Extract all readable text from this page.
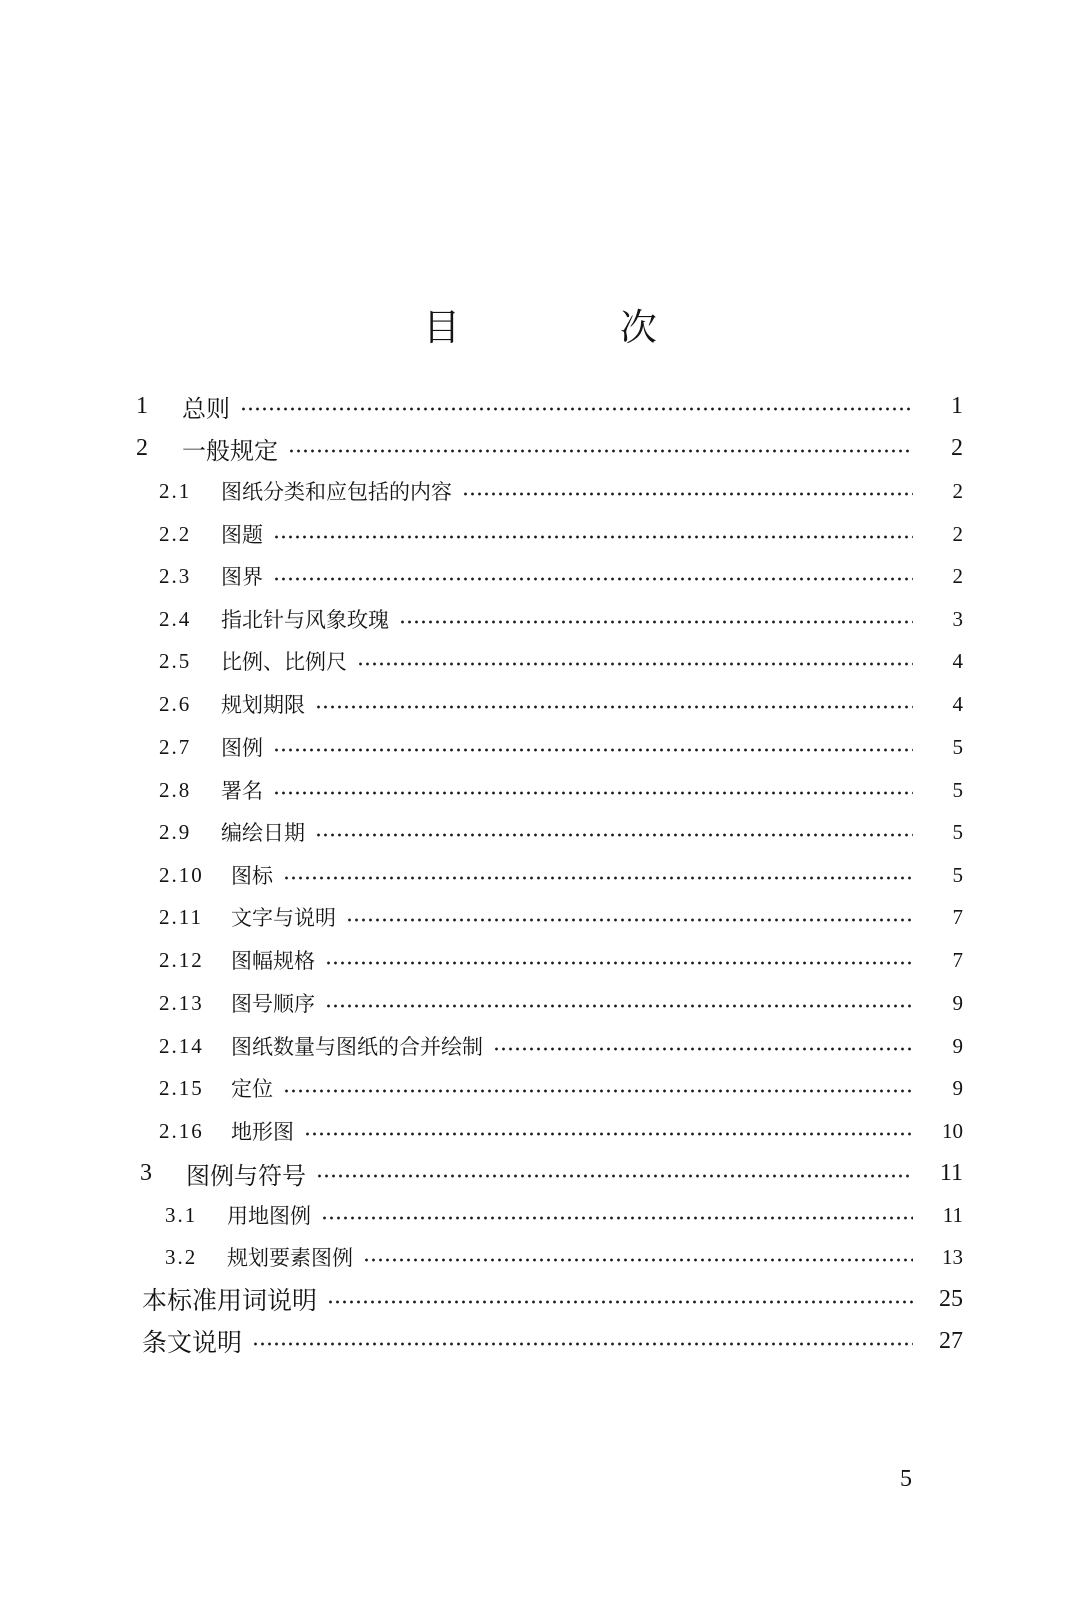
目 次
1	总则	1
2	一般规定	2
2.1	图纸分类和应包括的内容	2
2.2	图题	2
2.3	图界	2
2.4	指北针与风象玫瑰	3
2.5	比例、比例尺	4
2.6	规划期限	4
2.7	图例	5
2.8	署名	5
2.9	编绘日期	5
2.10	图标	5
2.11	文字与说明	7
2.12	图幅规格	7
2.13	图号顺序	9
2.14	图纸数量与图纸的合并绘制	9
2.15	定位	9
2.16	地形图	10
3	图例与符号	11
3.1	用地图例	11
3.2	规划要素图例	13
本标准用词说明	25
条文说明	27
5
